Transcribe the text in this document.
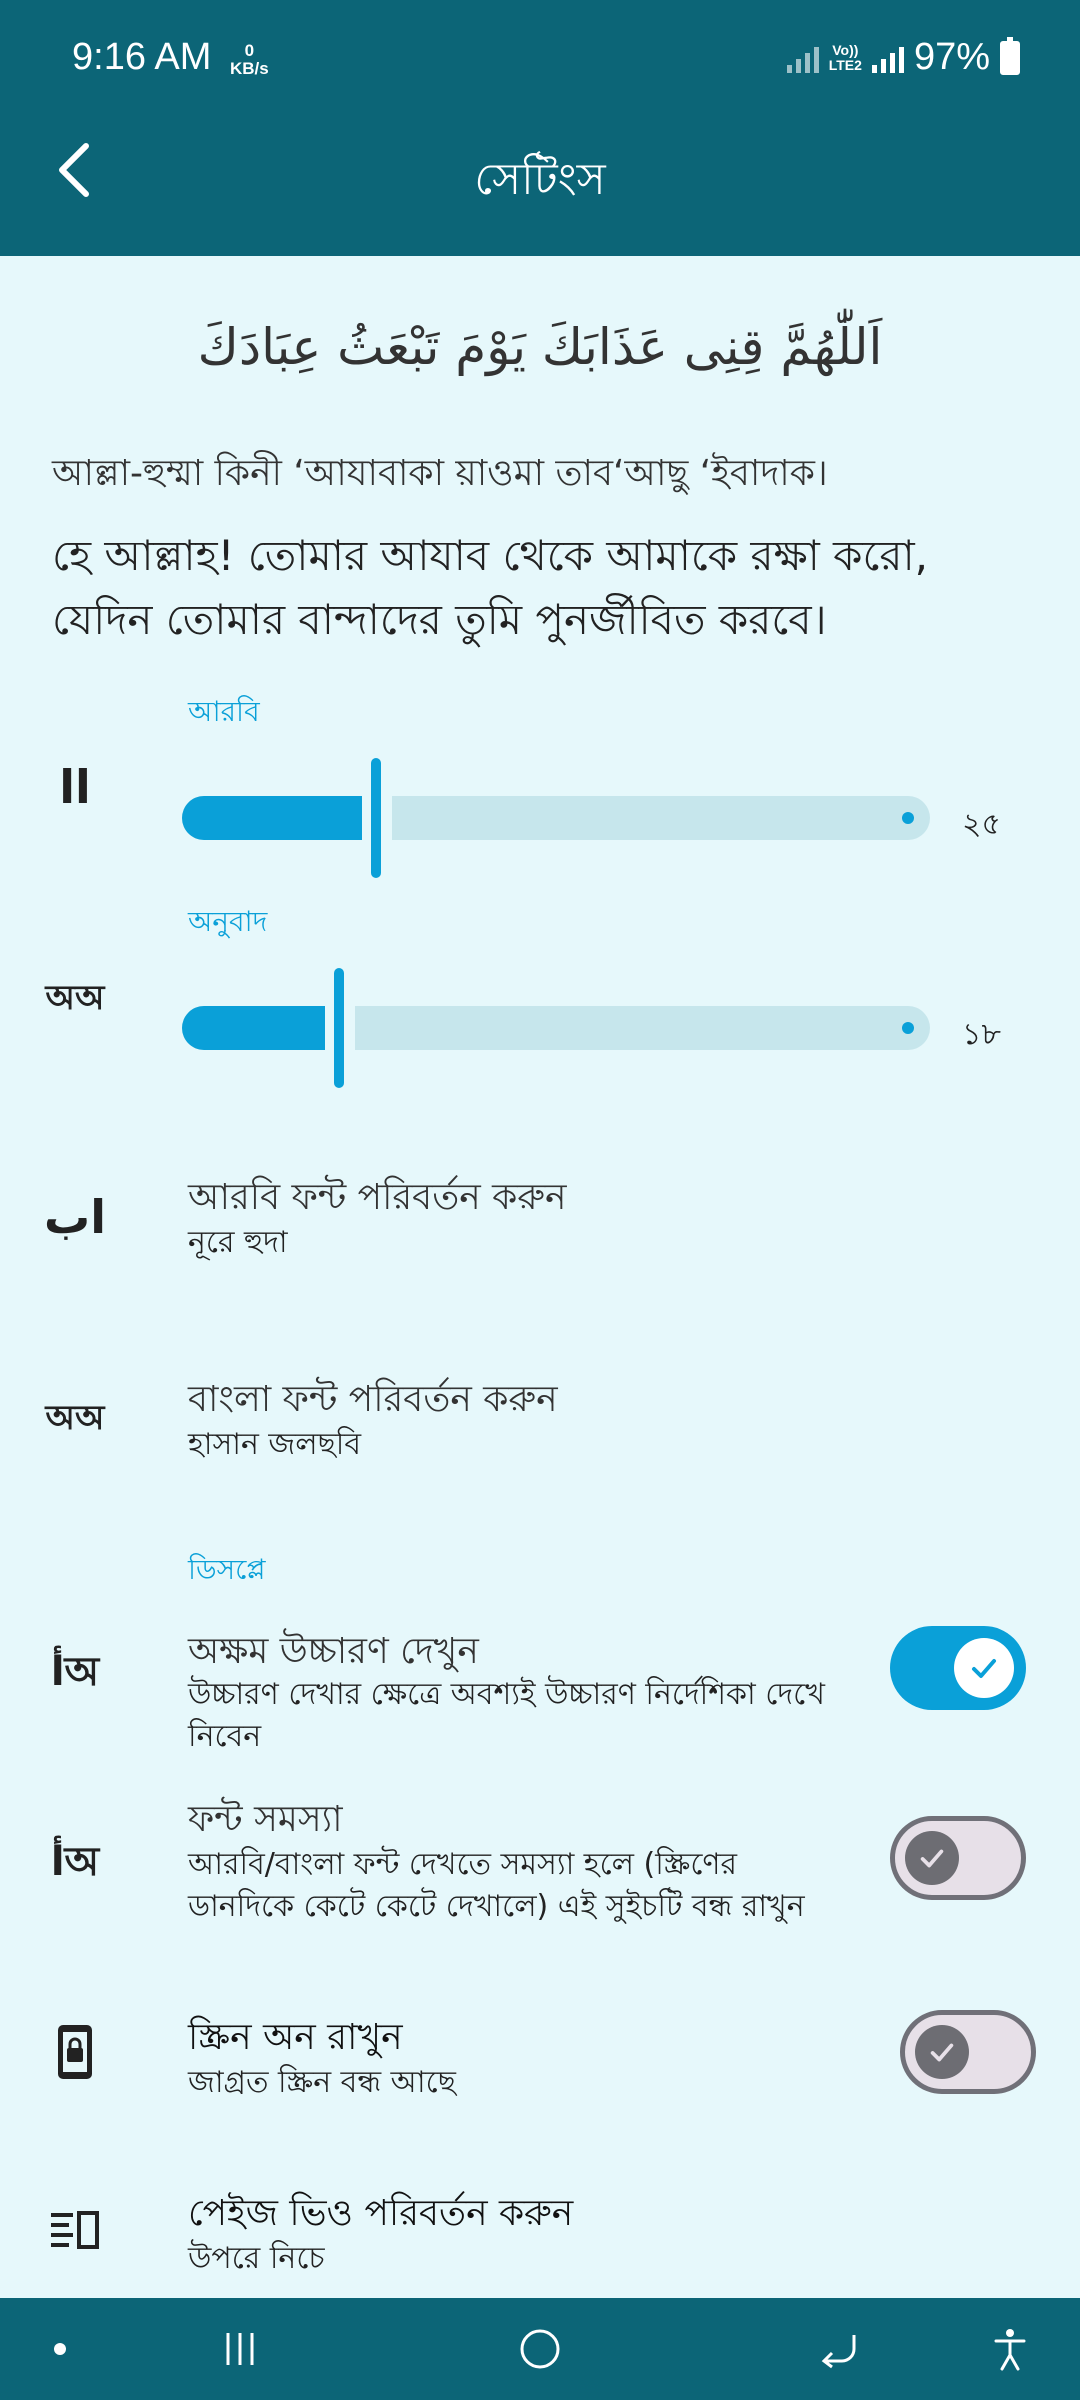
9:16 AM	0
KB/s
Vo))
LTE2 97%
সেটিংস
اَللّٰهُمَّ قِنِى عَذَابَكَ يَوْمَ تَبْعَثُ عِبَادَكَ
আল্লা-হুম্মা কিনী ‘আযাবাকা য়াওমা তাব‘আছু ‘ইবাদাক।
হে আল্লাহ! তোমার আযাব থেকে আমাকে রক্ষা করো, যেদিন তোমার বান্দাদের তুমি পুনর্জীবিত করবে।
আরবি
ﺍﺍ
২৫
অনুবাদ
অঅ
১৮
اب আরবি ফন্ট পরিবর্তন করুন
নূরে হুদা
অঅ বাংলা ফন্ট পরিবর্তন করুন
হাসান জলছবি
ডিসপ্লে
أঅ	অক্ষম উচ্চারণ দেখুন
উচ্চারণ দেখার ক্ষেত্রে অবশ্যই উচ্চারণ নির্দেশিকা দেখে নিবেন
أঅ
ফন্ট সমস্যা
আরবি/বাংলা ফন্ট দেখতে সমস্যা হলে (স্ক্রিণের ডানদিকে কেটে কেটে দেখালে) এই সুইচটি বন্ধ রাখুন
স্ক্রিন অন রাখুন
জাগ্রত স্ক্রিন বন্ধ আছে
পেইজ ভিও পরিবর্তন করুন
উপরে নিচে
